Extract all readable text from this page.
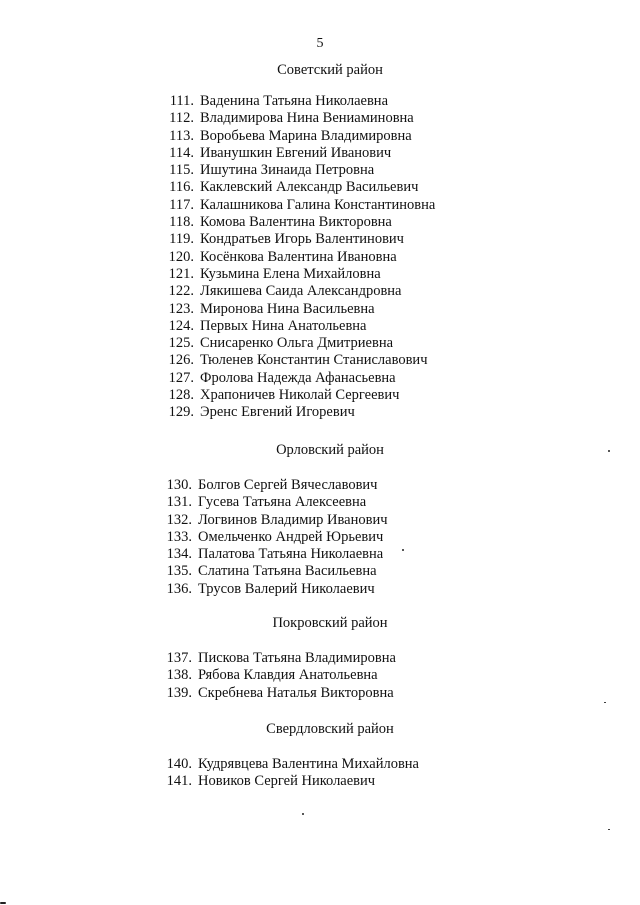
5
Советский район
111. Ваденина Татьяна Николаевна
112. Владимирова Нина Вениаминовна
113. Воробьева Марина Владимировна
114. Иванушкин Евгений Иванович
115. Ишутина Зинаида Петровна
116. Каклевский Александр Васильевич
117. Калашникова Галина Константиновна
118. Комова Валентина Викторовна
119. Кондратьев Игорь Валентинович
120. Косёнкова Валентина Ивановна
121. Кузьмина Елена Михайловна
122. Лякишева Саида Александровна
123. Миронова Нина Васильевна
124. Первых Нина Анатольевна
125. Снисаренко Ольга Дмитриевна
126. Тюленев Константин Станиславович
127. Фролова Надежда Афанасьевна
128. Храпоничев Николай Сергеевич
129. Эренс Евгений Игоревич
Орловский район
130. Болгов Сергей Вячеславович
131. Гусева Татьяна Алексеевна
132. Логвинов Владимир Иванович
133. Омельченко Андрей Юрьевич
134. Палатова Татьяна Николаевна
135. Слатина Татьяна Васильевна
136. Трусов Валерий Николаевич
Покровский район
137. Пискова Татьяна Владимировна
138. Рябова Клавдия Анатольевна
139. Скребнева Наталья Викторовна
Свердловский район
140. Кудрявцева Валентина Михайловна
141. Новиков Сергей Николаевич
